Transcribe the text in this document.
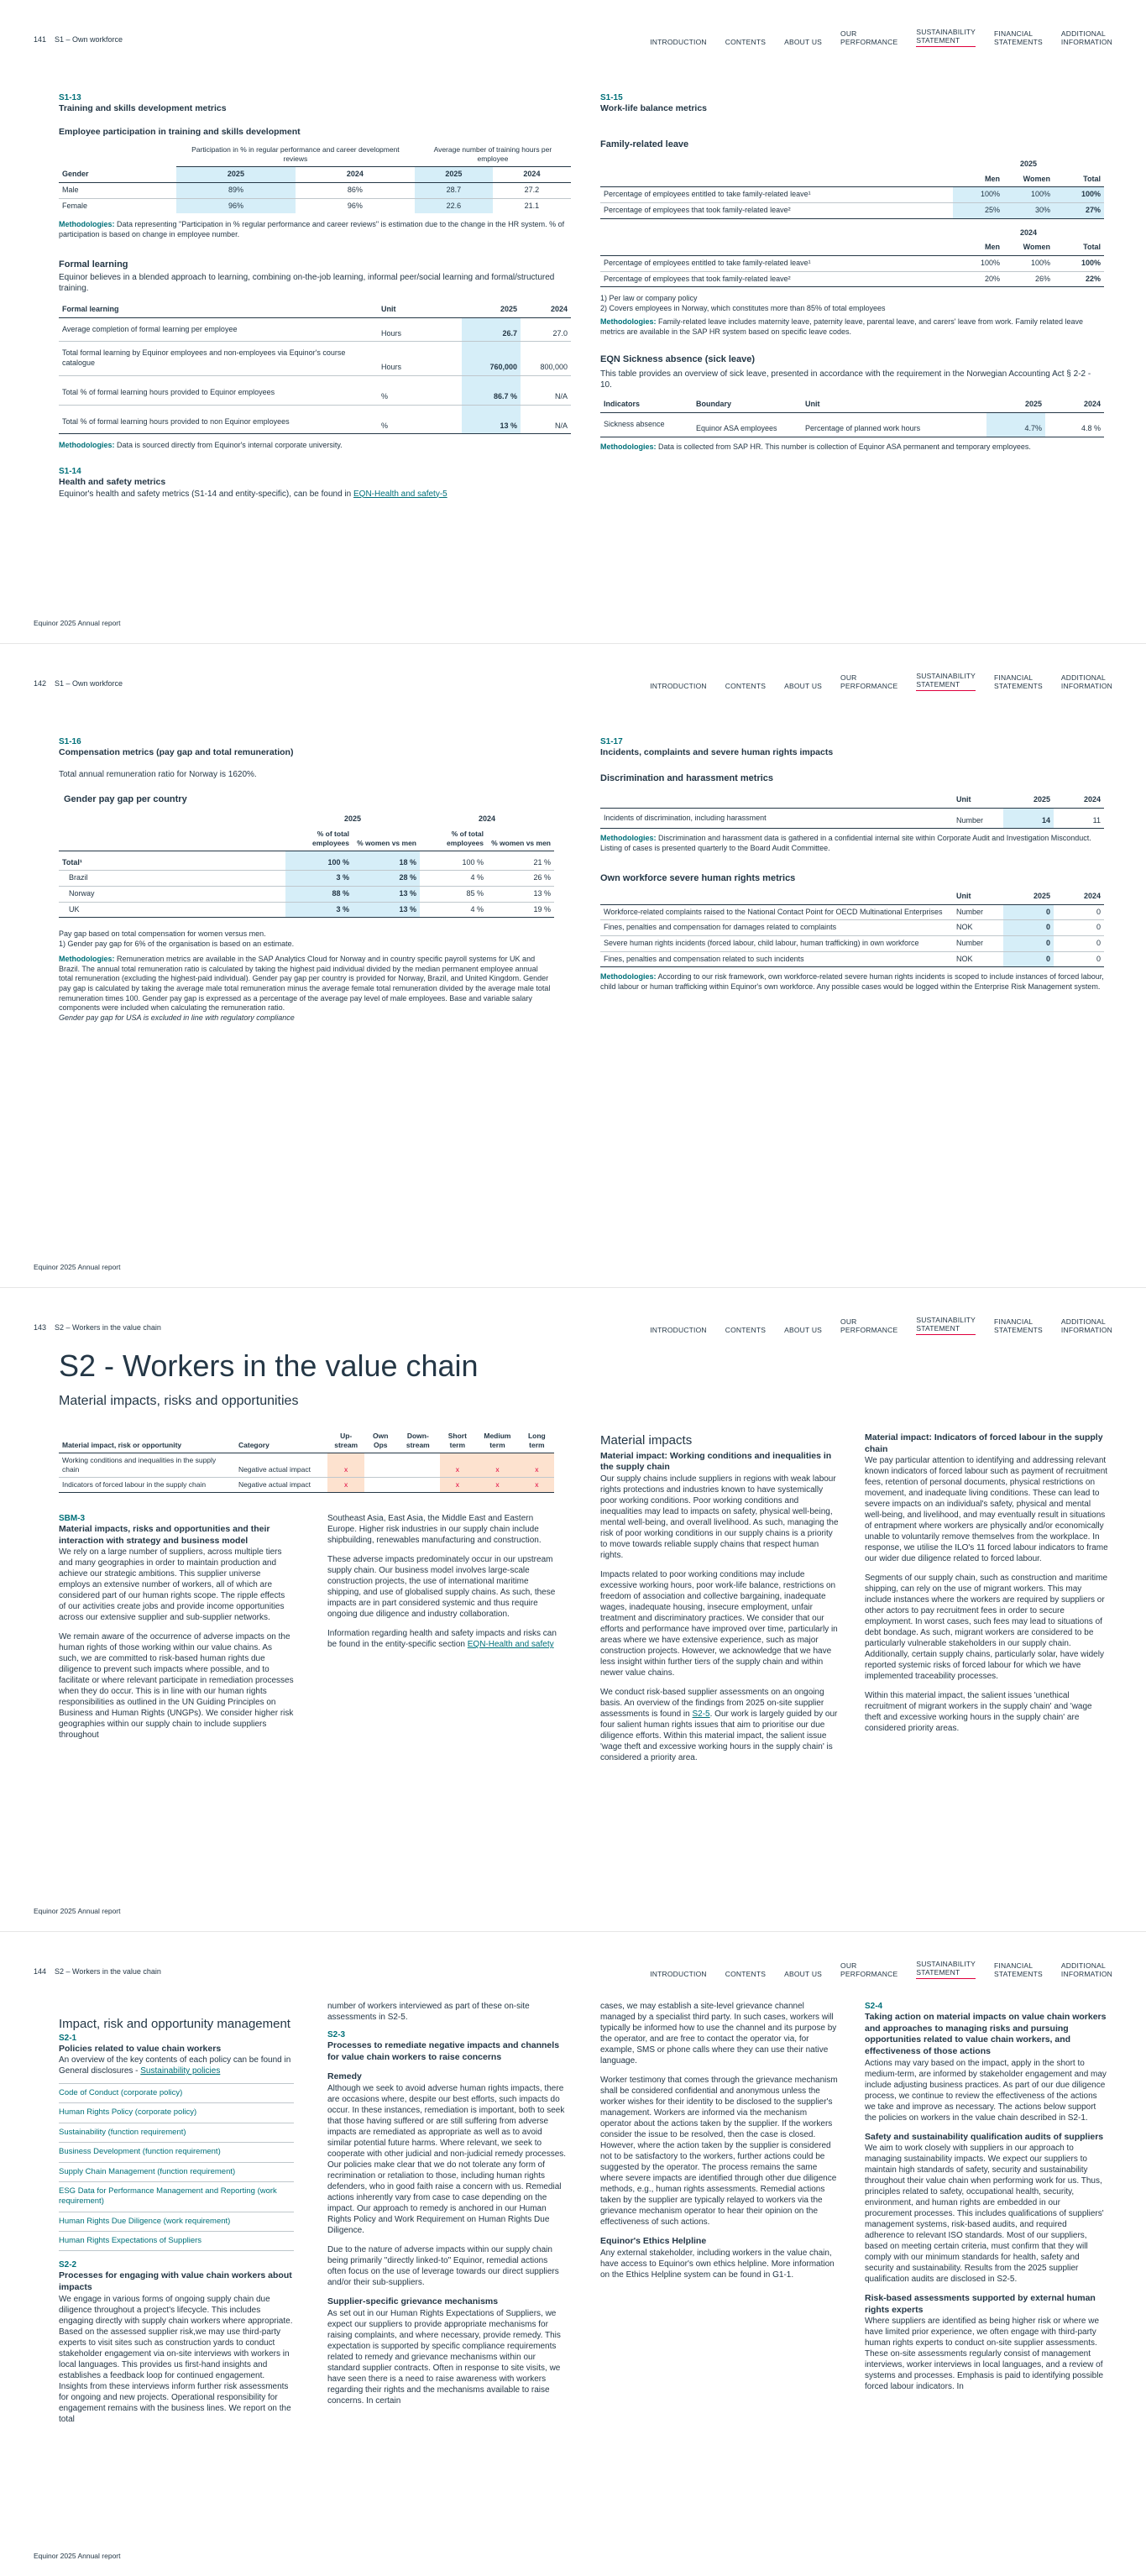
141 S1 – Own workforce	INTRODUCTION	CONTENTS	ABOUT US
OUR
PERFORMANCE
SUSTAINABILITY
STATEMENT
FINANCIAL
STATEMENTS
ADDITIONAL
INFORMATION
S1-13
Training and skills development metrics
Employee participation in training and skills development
	Participation in % in regular performance and career development reviews		Average number of training hours per employee	
Gender	2025	2024	2025	2024
Male	89%	86%	28.7	27.2
Female	96%	96%	22.6	21.1
Methodologies: Data representing "Participation in % regular performance and career reviews" is estimation due to the change in the HR system. % of participation is based on change in employee number.
Formal learning
Equinor believes in a blended approach to learning, combining on-the-job learning, informal peer/social learning and formal/structured training.
Formal learning	Unit	2025	2024
Average completion of formal learning per employee	Hours	26.7	27.0
Total formal learning by Equinor employees and non-employees via Equinor's course catalogue	Hours	760,000	800,000
Total % of formal learning hours provided to Equinor employees	%	86.7 %	N/A
Total % of formal learning hours provided to non Equinor employees	%	13 %	N/A
Methodologies: Data is sourced directly from Equinor's internal corporate university.
S1-14
Health and safety metrics
Equinor's health and safety metrics (S1-14 and entity-specific), can be found in EQN-Health and safety-5
S1-15
Work-life balance metrics
Family-related leave
	2025		
	Men	Women	Total
Percentage of employees entitled to take family-related leave¹	100%	100%	100%
Percentage of employees that took family-related leave²	25%	30%	27%
	2024		
	Men	Women	Total
Percentage of employees entitled to take family-related leave¹	100%	100%	100%
Percentage of employees that took family-related leave²	20%	26%	22%
1) Per law or company policy
2) Covers employees in Norway, which constitutes more than 85% of total employees
Methodologies: Family-related leave includes maternity leave, paternity leave, parental leave, and carers' leave from work. Family related leave metrics are available in the SAP HR system based on specific leave codes.
EQN Sickness absence (sick leave)
This table provides an overview of sick leave, presented in accordance with the requirement in the Norwegian Accounting Act § 2-2 - 10.
Indicators	Boundary	Unit	2025	2024
Sickness absence	Equinor ASA employees	Percentage of planned work hours	4.7%	4.8 %
Methodologies: Data is collected from SAP HR. This number is collection of Equinor ASA permanent and temporary employees.
Equinor 2025 Annual report
142 S1 – Own workforce	INTRODUCTION	CONTENTS	ABOUT US
OUR
PERFORMANCE
SUSTAINABILITY
STATEMENT
FINANCIAL
STATEMENTS
ADDITIONAL
INFORMATION
S1-16
Compensation metrics (pay gap and total remuneration)
Total annual remuneration ratio for Norway is 1620%.
Gender pay gap per country
	2025		2024	
	% of total employees	% women vs men	% of total employees	% women vs men
Total¹	100 %	18 %	100 %	21 %
Brazil	3 %	28 %	4 %	26 %
Norway	88 %	13 %	85 %	13 %
UK	3 %	13 %	4 %	19 %
Pay gap based on total compensation for women versus men.
1) Gender pay gap for 6% of the organisation is based on an estimate.
Methodologies: Remuneration metrics are available in the SAP Analytics Cloud for Norway and in country specific payroll systems for UK and Brazil. The annual total remuneration ratio is calculated by taking the highest paid individual divided by the median permanent employee annual total remuneration (excluding the highest-paid individual). Gender pay gap per country is provided for Norway, Brazil, and United Kingdom. Gender pay gap is calculated by taking the average male total remuneration minus the average female total remuneration divided by the average male total remuneration times 100. Gender pay gap is expressed as a percentage of the average pay level of male employees. Base and variable salary components were included when calculating the remuneration ratio.
Gender pay gap for USA is excluded in line with regulatory compliance
S1-17
Incidents, complaints and severe human rights impacts
Discrimination and harassment metrics
	Unit	2025	2024
Incidents of discrimination, including harassment	Number	14	11
Methodologies: Discrimination and harassment data is gathered in a confidential internal site within Corporate Audit and Investigation Misconduct. Listing of cases is presented quarterly to the Board Audit Committee.
Own workforce severe human rights metrics
	Unit	2025	2024
Workforce-related complaints raised to the National Contact Point for OECD Multinational Enterprises	Number	0	0
Fines, penalties and compensation for damages related to complaints	NOK	0	0
Severe human rights incidents (forced labour, child labour, human trafficking) in own workforce	Number	0	0
Fines, penalties and compensation related to such incidents	NOK	0	0
Methodologies: According to our risk framework, own workforce-related severe human rights incidents is scoped to include instances of forced labour, child labour or human trafficking within Equinor's own workforce. Any possible cases would be logged within the Enterprise Risk Management system.
Equinor 2025 Annual report
143 S2 – Workers in the value chain	INTRODUCTION	CONTENTS	ABOUT US
OUR
PERFORMANCE
SUSTAINABILITY
STATEMENT
FINANCIAL
STATEMENTS
ADDITIONAL
INFORMATION
S2 - Workers in the value chain
Material impacts, risks and opportunities
Material impact, risk or opportunity	Category	Up-stream	Own Ops	Down-stream	Short term	Medium term	Long term
Working conditions and inequalities in the supply chain	Negative actual impact	x			x	x	x
Indicators of forced labour in the supply chain	Negative actual impact	x			x	x	x
SBM-3
Material impacts, risks and opportunities and their interaction with strategy and business model
We rely on a large number of suppliers, across multiple tiers and many geographies in order to maintain production and achieve our strategic ambitions. This supplier universe employs an extensive number of workers, all of which are considered part of our human rights scope. The ripple effects of our activities create jobs and provide income opportunities across our extensive supplier and sub-supplier networks.
We remain aware of the occurrence of adverse impacts on the human rights of those working within our value chains. As such, we are committed to risk-based human rights due diligence to prevent such impacts where possible, and to facilitate or where relevant participate in remediation processes when they do occur. This is in line with our human rights responsibilities as outlined in the UN Guiding Principles on Business and Human Rights (UNGPs). We consider higher risk geographies within our supply chain to include suppliers throughout
Southeast Asia, East Asia, the Middle East and Eastern Europe. Higher risk industries in our supply chain include shipbuilding, renewables manufacturing and construction.
These adverse impacts predominately occur in our upstream supply chain. Our business model involves large-scale construction projects, the use of international maritime shipping, and use of globalised supply chains. As such, these impacts are in part considered systemic and thus require ongoing due diligence and industry collaboration.
Information regarding health and safety impacts and risks can be found in the entity-specific section EQN-Health and safety
Material impacts
Material impact: Working conditions and inequalities in the supply chain
Our supply chains include suppliers in regions with weak labour rights protections and industries known to have systemically poor working conditions. Poor working conditions and inequalities may lead to impacts on safety, physical well-being, mental well-being, and overall livelihood. As such, managing the risk of poor working conditions in our supply chains is a priority to move towards reliable supply chains that respect human rights.
Impacts related to poor working conditions may include excessive working hours, poor work-life balance, restrictions on freedom of association and collective bargaining, inadequate wages, inadequate housing, insecure employment, unfair treatment and discriminatory practices. We consider that our efforts and performance have improved over time, particularly in areas where we have extensive experience, such as major construction projects. However, we acknowledge that we have less insight within further tiers of the supply chain and within newer value chains.
We conduct risk-based supplier assessments on an ongoing basis. An overview of the findings from 2025 on-site supplier assessments is found in S2-5. Our work is largely guided by our four salient human rights issues that aim to prioritise our due diligence efforts. Within this material impact, the salient issue 'wage theft and excessive working hours in the supply chain' is considered a priority area.
Material impact: Indicators of forced labour in the supply chain
We pay particular attention to identifying and addressing relevant known indicators of forced labour such as payment of recruitment fees, retention of personal documents, physical restrictions on movement, and inadequate living conditions. These can lead to severe impacts on an individual's safety, physical and mental well-being, and livelihood, and may eventually result in situations of entrapment where workers are physically and/or economically unable to voluntarily remove themselves from the workplace. In response, we utilise the ILO's 11 forced labour indicators to frame our wider due diligence related to forced labour.
Segments of our supply chain, such as construction and maritime shipping, can rely on the use of migrant workers. This may include instances where the workers are required by suppliers or other actors to pay recruitment fees in order to secure employment. In worst cases, such fees may lead to situations of debt bondage. As such, migrant workers are considered to be particularly vulnerable stakeholders in our supply chain. Additionally, certain supply chains, particularly solar, have widely reported systemic risks of forced labour for which we have implemented traceability processes.
Within this material impact, the salient issues 'unethical recruitment of migrant workers in the supply chain' and 'wage theft and excessive working hours in the supply chain' are considered priority areas.
Equinor 2025 Annual report
144 S2 – Workers in the value chain	INTRODUCTION	CONTENTS	ABOUT US
OUR
PERFORMANCE
SUSTAINABILITY
STATEMENT
FINANCIAL
STATEMENTS
ADDITIONAL
INFORMATION
Impact, risk and opportunity management
S2-1
Policies related to value chain workers
An overview of the key contents of each policy can be found in General disclosures - Sustainability policies
Code of Conduct (corporate policy)
Human Rights Policy (corporate policy)
Sustainability (function requirement)
Business Development (function requirement)
Supply Chain Management (function requirement)
ESG Data for Performance Management and Reporting (work requirement)
Human Rights Due Diligence (work requirement)
Human Rights Expectations of Suppliers
S2-2
Processes for engaging with value chain workers about impacts
We engage in various forms of ongoing supply chain due diligence throughout a project's lifecycle. This includes engaging directly with supply chain workers where appropriate. Based on the assessed supplier risk,we may use third-party experts to visit sites such as construction yards to conduct stakeholder engagement via on-site interviews with workers in local languages. This provides us first-hand insights and establishes a feedback loop for continued engagement. Insights from these interviews inform further risk assessments for ongoing and new projects. Operational responsibility for engagement remains with the business lines. We report on the total
number of workers interviewed as part of these on-site assessments in S2-5.
S2-3
Processes to remediate negative impacts and channels for value chain workers to raise concerns
Remedy
Although we seek to avoid adverse human rights impacts, there are occasions where, despite our best efforts, such impacts do occur. In these instances, remediation is important, both to seek that those having suffered or are still suffering from adverse impacts are remediated as appropriate as well as to avoid similar potential future harms. Where relevant, we seek to cooperate with other judicial and non-judicial remedy processes. Our policies make clear that we do not tolerate any form of recrimination or retaliation to those, including human rights defenders, who in good faith raise a concern with us. Remedial actions inherently vary from case to case depending on the impact. Our approach to remedy is anchored in our Human Rights Policy and Work Requirement on Human Rights Due Diligence.
Due to the nature of adverse impacts within our supply chain being primarily "directly linked-to" Equinor, remedial actions often focus on the use of leverage towards our direct suppliers and/or their sub-suppliers.
Supplier-specific grievance mechanisms
As set out in our Human Rights Expectations of Suppliers, we expect our suppliers to provide appropriate mechanisms for raising complaints, and where necessary, provide remedy. This expectation is supported by specific compliance requirements related to remedy and grievance mechanisms within our standard supplier contracts. Often in response to site visits, we have seen there is a need to raise awareness with workers regarding their rights and the mechanisms available to raise concerns. In certain
cases, we may establish a site-level grievance channel managed by a specialist third party. In such cases, workers will typically be informed how to use the channel and its purpose by the operator, and are free to contact the operator via, for example, SMS or phone calls where they can use their native language.
Worker testimony that comes through the grievance mechanism shall be considered confidential and anonymous unless the worker wishes for their identity to be disclosed to the supplier's management. Workers are informed via the mechanism operator about the actions taken by the supplier. If the workers consider the issue to be resolved, then the case is closed. However, where the action taken by the supplier is considered not to be satisfactory to the workers, further actions could be suggested by the operator. The process remains the same where severe impacts are identified through other due diligence methods, e.g., human rights assessments. Remedial actions taken by the supplier are typically relayed to workers via the grievance mechanism operator to hear their opinion on the effectiveness of such actions.
Equinor's Ethics Helpline
Any external stakeholder, including workers in the value chain, have access to Equinor's own ethics helpline. More information on the Ethics Helpline system can be found in G1-1.
S2-4
Taking action on material impacts on value chain workers and approaches to managing risks and pursuing opportunities related to value chain workers, and effectiveness of those actions
Actions may vary based on the impact, apply in the short to medium-term, are informed by stakeholder engagement and may include adjusting business practices. As part of our due diligence process, we continue to review the effectiveness of the actions we take and improve as necessary. The actions below support the policies on workers in the value chain described in S2-1.
Safety and sustainability qualification audits of suppliers
We aim to work closely with suppliers in our approach to managing sustainability impacts. We expect our suppliers to maintain high standards of safety, security and sustainability throughout their value chain when performing work for us. Thus, principles related to safety, occupational health, security, environment, and human rights are embedded in our procurement processes. This includes qualifications of suppliers' management systems, risk-based audits, and required adherence to relevant ISO standards. Most of our suppliers, based on meeting certain criteria, must confirm that they will comply with our minimum standards for health, safety and security and sustainability. Results from the 2025 supplier qualification audits are disclosed in S2-5.
Risk-based assessments supported by external human rights experts
Where suppliers are identified as being higher risk or where we have limited prior experience, we often engage with third-party human rights experts to conduct on-site supplier assessments. These on-site assessments regularly consist of management interviews, worker interviews in local languages, and a review of systems and processes. Emphasis is paid to identifying possible forced labour indicators. In
Equinor 2025 Annual report
